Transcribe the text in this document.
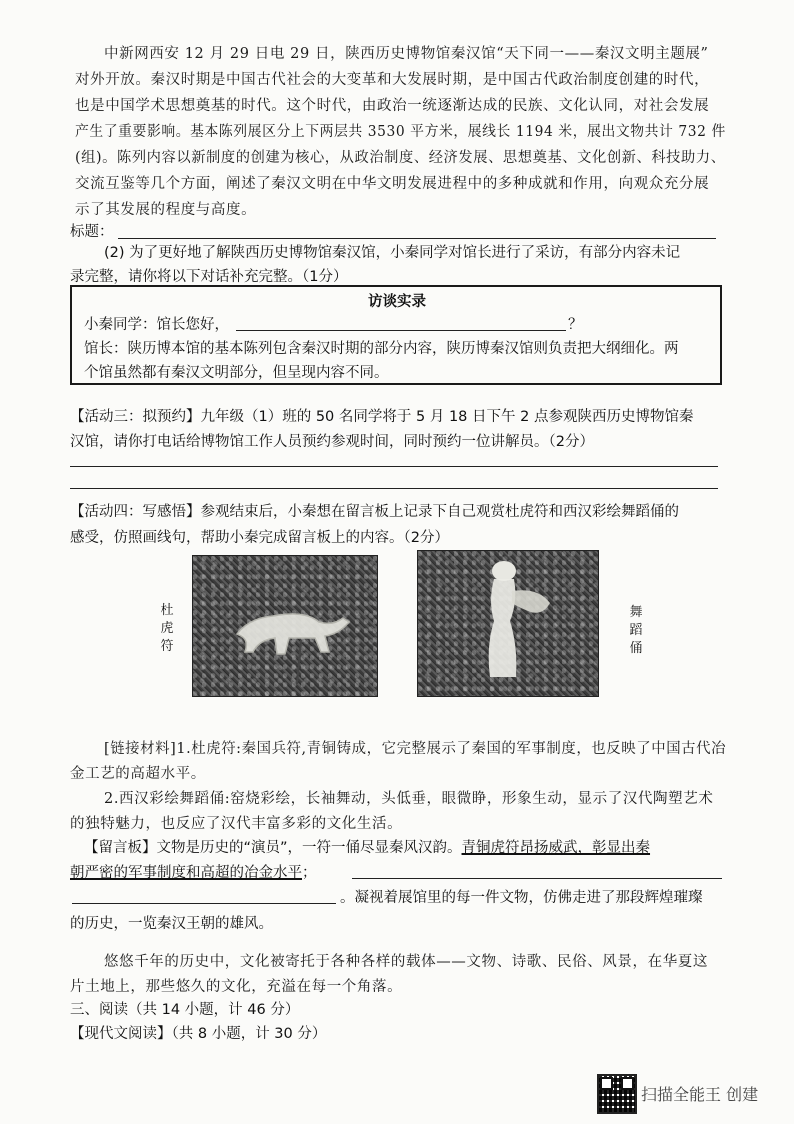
中新网西安 12 月 29 日电 29 日，陕西历史博物馆秦汉馆“天下同一——秦汉文明主题展”
对外开放。秦汉时期是中国古代社会的大变革和大发展时期，是中国古代政治制度创建的时代，
也是中国学术思想奠基的时代。这个时代，由政治一统逐渐达成的民族、文化认同，对社会发展
产生了重要影响。基本陈列展区分上下两层共 3530 平方米，展线长 1194 米，展出文物共计 732 件
(组)。陈列内容以新制度的创建为核心，从政治制度、经济发展、思想奠基、文化创新、科技助力、
交流互鉴等几个方面，阐述了秦汉文明在中华文明发展进程中的多种成就和作用，向观众充分展
示了其发展的程度与高度。
标题：
(2) 为了更好地了解陕西历史博物馆秦汉馆，小秦同学对馆长进行了采访，有部分内容未记
录完整，请你将以下对话补充完整。（1分）
访谈实录
小秦同学：馆长您好，	？
馆长：陕历博本馆的基本陈列包含秦汉时期的部分内容，陕历博秦汉馆则负责把大纲细化。两
个馆虽然都有秦汉文明部分，但呈现内容不同。
【活动三：拟预约】九年级（1）班的 50 名同学将于 5 月 18 日下午 2 点参观陕西历史博物馆秦
汉馆，请你打电话给博物馆工作人员预约参观时间，同时预约一位讲解员。（2分）
【活动四：写感悟】参观结束后，小秦想在留言板上记录下自己观赏杜虎符和西汉彩绘舞蹈俑的
感受，仿照画线句，帮助小秦完成留言板上的内容。（2分）
杜虎符
舞蹈俑
[链接材料]1.杜虎符:秦国兵符,青铜铸成，它完整展示了秦国的军事制度，也反映了中国古代冶
金工艺的高超水平。
2.西汉彩绘舞蹈俑:窑烧彩绘，长袖舞动，头低垂，眼微睁，形象生动，显示了汉代陶塑艺术
的独特魅力，也反应了汉代丰富多彩的文化生活。
【留言板】文物是历史的“演员”，一符一俑尽显秦风汉韵。青铜虎符昂扬威武，彰显出秦
朝严密的军事制度和高超的冶金水平；
。凝视着展馆里的每一件文物，仿佛走进了那段辉煌璀璨
的历史，一览秦汉王朝的雄风。
悠悠千年的历史中，文化被寄托于各种各样的载体——文物、诗歌、民俗、风景，在华夏这
片土地上，那些悠久的文化，充溢在每一个角落。
三、阅读（共 14 小题，计 46 分）
【现代文阅读】（共 8 小题，计 30 分）
扫描全能王 创建
